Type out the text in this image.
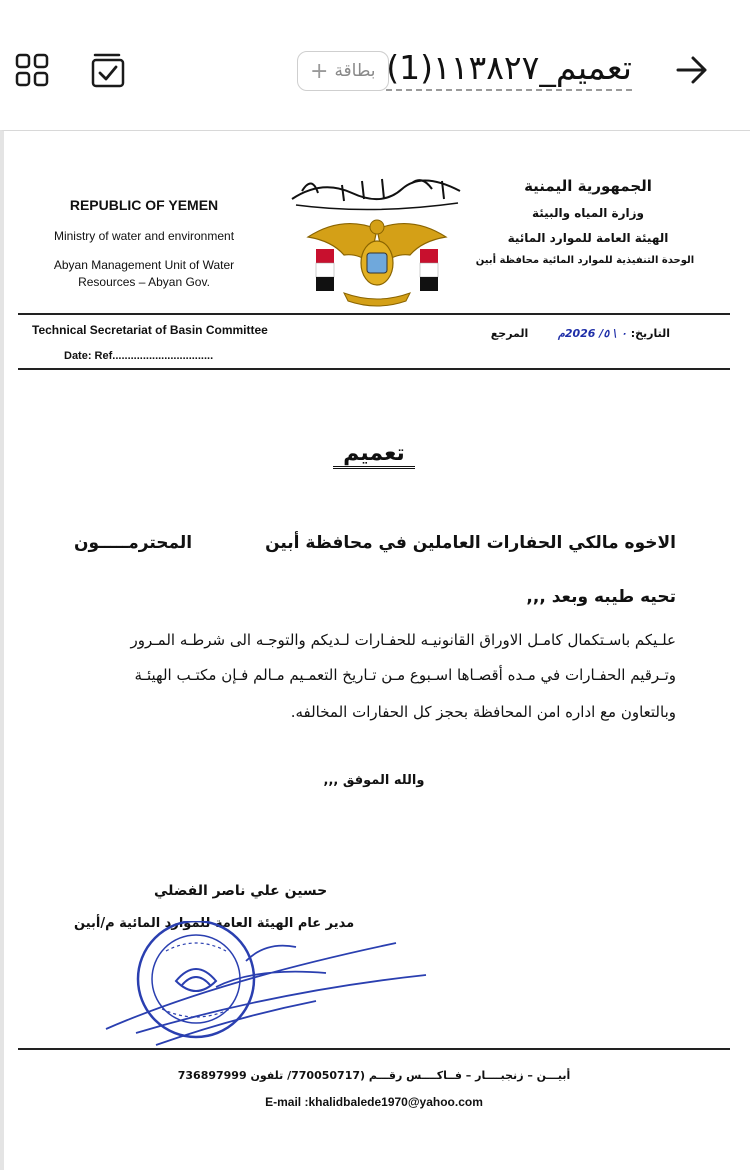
بطاقة
+ تعميم_١١٣٨٢٧(1)
REPUBLIC OF YEMEN
Ministry of water and environment
Abyan Management Unit of Water
Resources – Abyan Gov.
الجمهورية اليمنية
وزارة المياه والبيئة
الهيئة العامة للموارد المائية
الوحدة التنفيذية للموارد المائية محافظة أبين
Technical Secretariat of Basin Committee
Date: Ref.................................
التاريخ: ٠ \ ٥/ 2026م  المرجع
تعميم
الاخوه مالكي الحفارات العاملين في محافظة أبين
المحترمـــــون
تحيه طيبه وبعد ,,,
علـيكم باسـتكمال كامـل الاوراق القانونيـه للحفـارات لـديكم والتوجـه الى شرطـه المـرور
وتـرقيم الحفـارات في مـده أقصـاها اسـبوع مـن تـاريخ التعمـيم مـالم فـإن مكتـب الهيئـة
وبالتعاون مع اداره امن المحافظة بحجز كل الحفارات المخالفه.
والله الموفق ,,,
حسين علي ناصر الفضلي
مدير عام الهيئة العامة للموارد المائية م/أبين
أبيـــن – زنجبــــار – فــاكــــس رقـــم (770050717/ تلفون 736897999
E-mail :khalidbalede1970@yahoo.com
